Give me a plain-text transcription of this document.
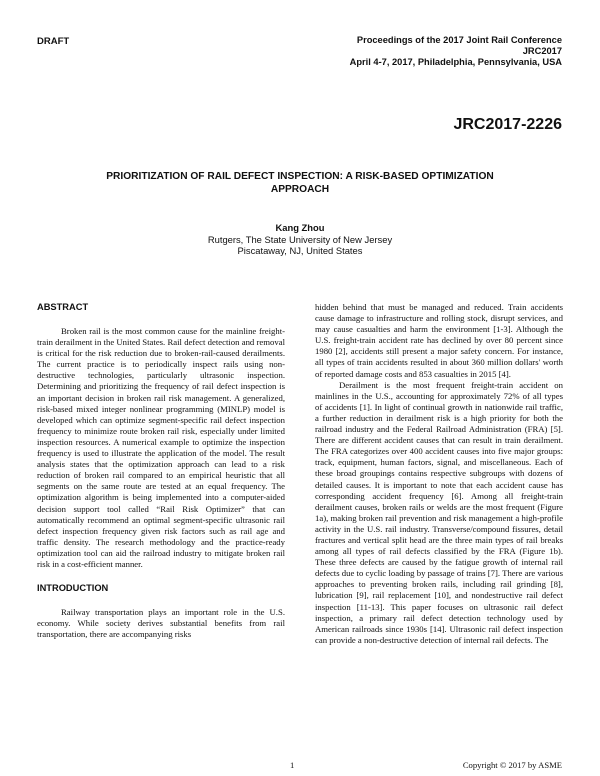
DRAFT	Proceedings of the 2017 Joint Rail Conference
JRC2017
April 4-7, 2017, Philadelphia, Pennsylvania, USA
JRC2017-2226
PRIORITIZATION OF RAIL DEFECT INSPECTION: A RISK-BASED OPTIMIZATION
APPROACH
Kang Zhou
Rutgers, The State University of New Jersey
Piscataway, NJ, United States
ABSTRACT

Broken rail is the most common cause for the mainline freight-train derailment in the United States. Rail defect detection and removal is critical for the risk reduction due to broken-rail-caused derailments. The current practice is to periodically inspect rails using non-destructive technologies, particularly ultrasonic inspection. Determining and prioritizing the frequency of rail defect inspection is an important decision in broken rail risk management. A generalized, risk-based mixed integer nonlinear programming (MINLP) model is developed which can optimize segment-specific rail defect inspection frequency to minimize route broken rail risk, especially under limited inspection resources. A numerical example to optimize the inspection frequency is used to illustrate the application of the model. The result analysis states that the optimization approach can lead to a risk reduction of broken rail compared to an empirical heuristic that all segments on the same route are tested at an equal frequency. The optimization algorithm is being implemented into a computer-aided decision support tool called “Rail Risk Optimizer” that can automatically recommend an optimal segment-specific ultrasonic rail defect inspection frequency given risk factors such as rail age and traffic density. The research methodology and the practice-ready optimization tool can aid the railroad industry to mitigate broken rail risk in a cost-efficient manner.

INTRODUCTION

Railway transportation plays an important role in the U.S. economy. While society derives substantial benefits from rail transportation, there are accompanying risks

hidden behind that must be managed and reduced. Train accidents cause damage to infrastructure and rolling stock, disrupt services, and may cause casualties and harm the environment [1-3]. Although the U.S. freight-train accident rate has declined by over 80 percent since 1980 [2], accidents still present a major safety concern. For instance, all types of train accidents resulted in about 360 million dollars' worth of reported damage costs and 853 casualties in 2015 [4].

Derailment is the most frequent freight-train accident on mainlines in the U.S., accounting for approximately 72% of all types of accidents [1]. In light of continual growth in nationwide rail traffic, a further reduction in derailment risk is a high priority for both the railroad industry and the Federal Railroad Administration (FRA) [5]. There are different accident causes that can result in train derailment. The FRA categorizes over 400 accident causes into five major groups: track, equipment, human factors, signal, and miscellaneous. Each of these broad groupings contains respective subgroups with dozens of detailed causes. It is important to note that each accident cause has corresponding accident frequency [6]. Among all freight-train derailment causes, broken rails or welds are the most frequent (Figure 1a), making broken rail prevention and risk management a high-profile activity in the U.S. rail industry. Transverse/compound fissures, detail fractures and vertical split head are the three main types of rail breaks among all types of rail defects classified by the FRA (Figure 1b). These three defects are caused by the fatigue growth of internal rail defects due to cyclic loading by passage of trains [7]. There are various approaches to preventing broken rails, including rail grinding [8], lubrication [9], rail replacement [10], and nondestructive rail defect inspection [11-13]. This paper focuses on ultrasonic rail defect inspection, a primary rail defect detection technology used by American railroads since 1930s [14]. Ultrasonic rail defect inspection can provide a non-destructive detection of internal rail defects. The

1	Copyright © 2017 by ASME
